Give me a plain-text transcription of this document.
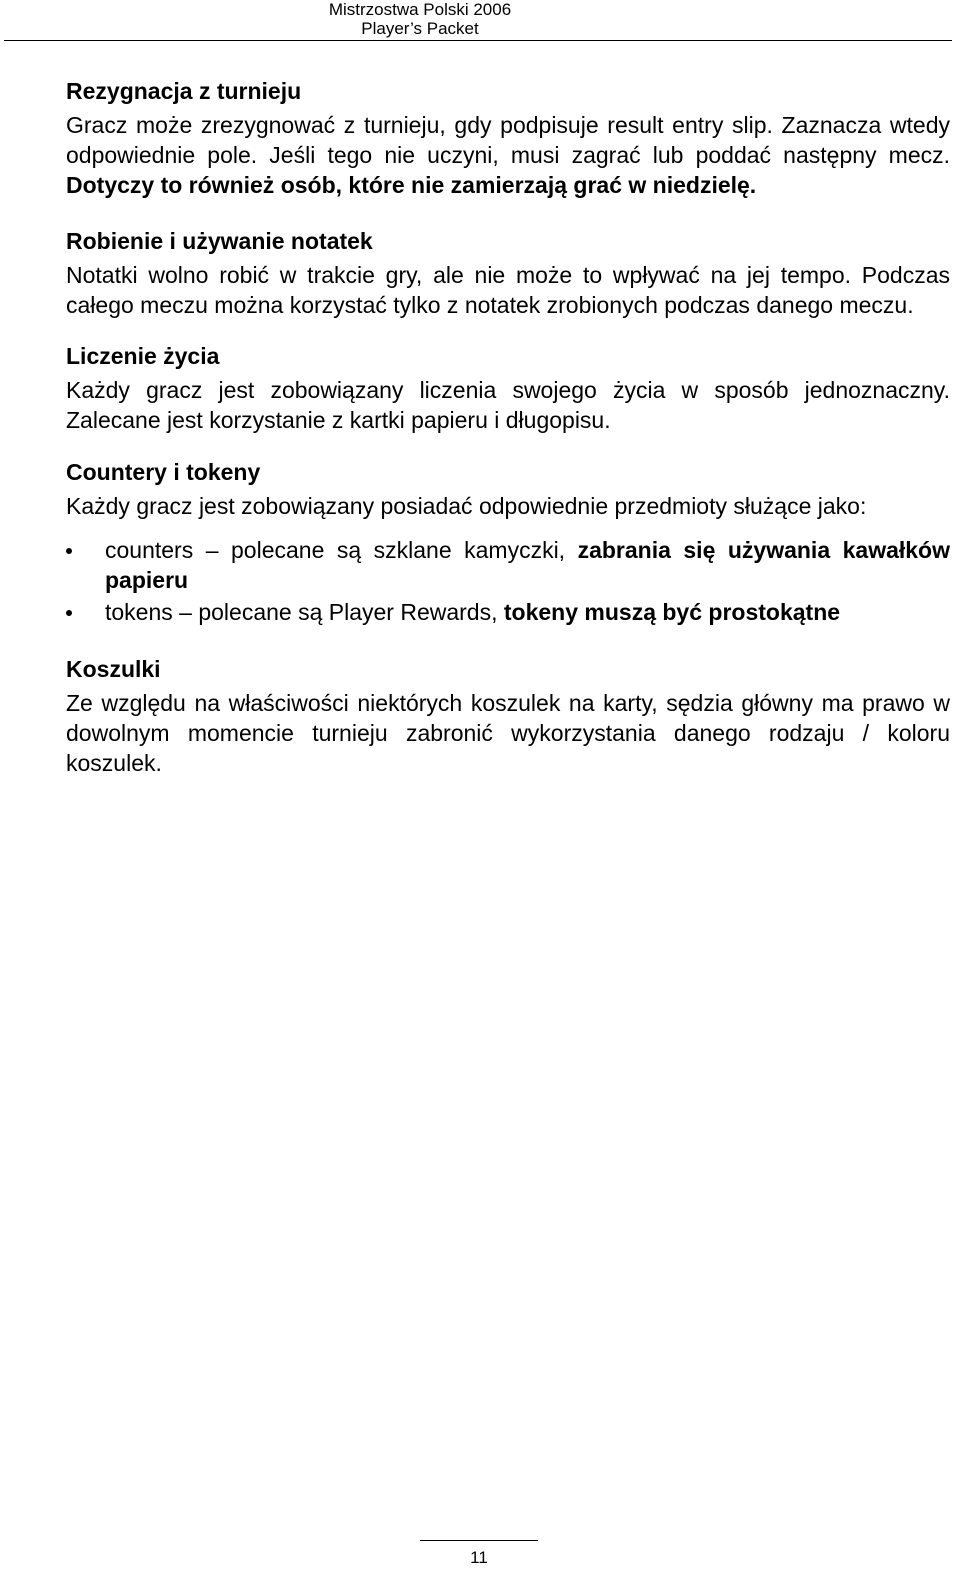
Mistrzostwa Polski 2006
Player’s Packet
Rezygnacja z turnieju

Gracz może zrezygnować z turnieju, gdy podpisuje result entry slip. Zaznacza wtedy odpowiednie pole. Jeśli tego nie uczyni, musi zagrać lub poddać następny mecz. Dotyczy to również osób, które nie zamierzają grać w niedzielę.

Robienie i używanie notatek

Notatki wolno robić w trakcie gry, ale nie może to wpływać na jej tempo. Podczas całego meczu można korzystać tylko z notatek zrobionych podczas danego meczu.

Liczenie życia

Każdy gracz jest zobowiązany liczenia swojego życia w sposób jednoznaczny. Zalecane jest korzystanie z kartki papieru i długopisu.

Countery i tokeny

Każdy gracz jest zobowiązany posiadać odpowiednie przedmioty służące jako:

counters – polecane są szklane kamyczki, zabrania się używania kawałków papieru
tokens – polecane są Player Rewards, tokeny muszą być prostokątne
Koszulki

Ze względu na właściwości niektórych koszulek na karty, sędzia główny ma prawo w dowolnym momencie turnieju zabronić wykorzystania danego rodzaju / koloru koszulek.

11
